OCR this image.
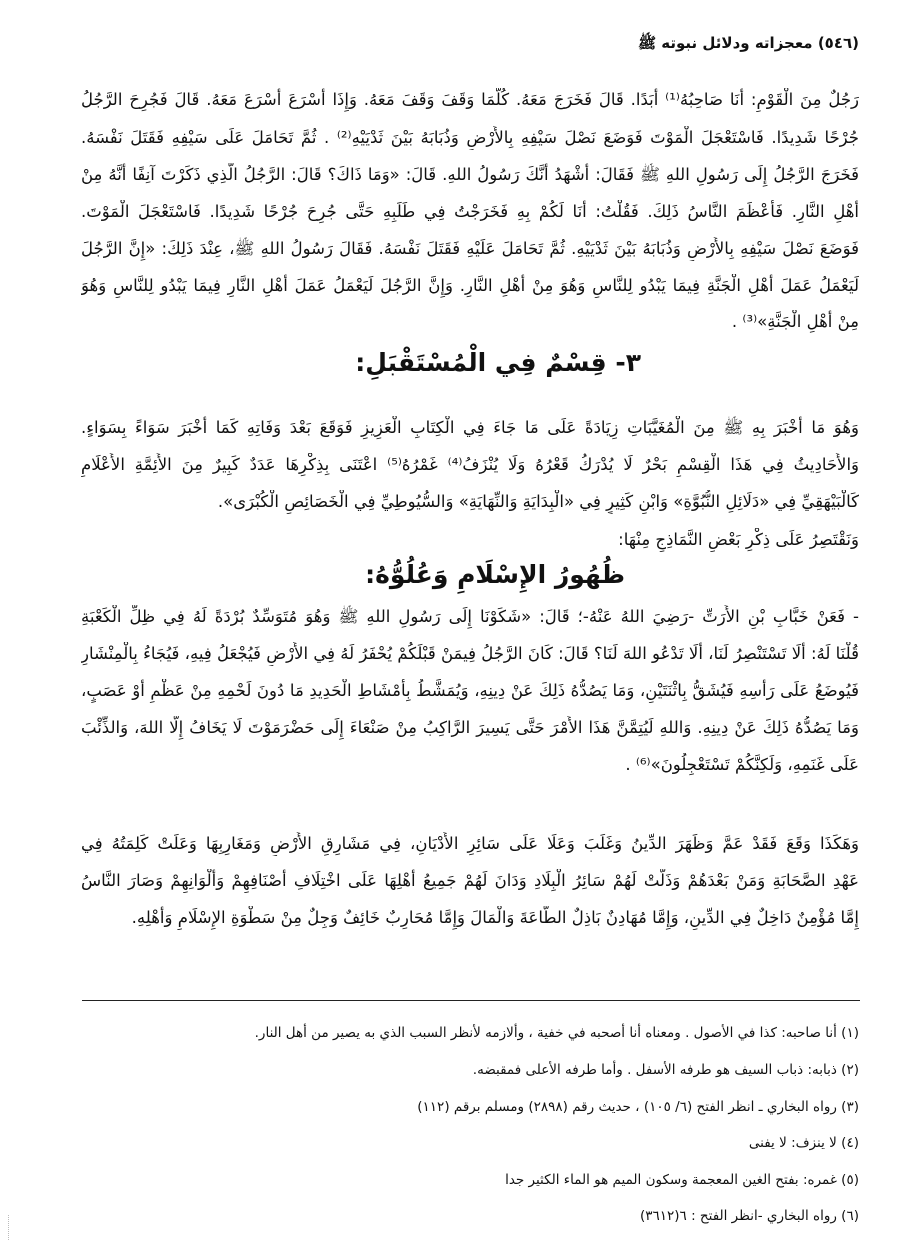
(٥٤٦) معجزاته ودلائل نبوته ﷺ
رَجُلٌ مِنَ الْقَوْمِ: أَنَا صَاحِبُهُ⁽¹⁾ أَبَدًا. قَالَ فَخَرَجَ مَعَهُ. كُلَّمَا وَقَفَ وَقَفَ مَعَهُ. وَإِذَا أَسْرَعَ أَسْرَعَ مَعَهُ. قَالَ فَجُرِحَ الرَّجُلُ
جُرْحًا شَدِيدًا. فَاسْتَعْجَلَ الْمَوْتَ فَوَضَعَ نَصْلَ سَيْفِهِ بِالأَرْضِ وَذُبَابَهُ بَيْنَ ثَدْيَيْهِ⁽²⁾ . ثُمَّ تَحَامَلَ عَلَى سَيْفِهِ فَقَتَلَ نَفْسَهُ.
فَخَرَجَ الرَّجُلُ إِلَى رَسُولِ اللهِ ﷺ فَقَالَ: أَشْهَدُ أَنَّكَ رَسُولُ اللهِ. قَالَ: «وَمَا ذَاكَ؟ قَالَ: الرَّجُلُ الَّذِي ذَكَرْتَ آنِفًا أَنَّهُ مِنْ
أَهْلِ النَّارِ. فَأَعْظَمَ النَّاسُ ذَلِكَ. فَقُلْتُ: أَنَا لَكُمْ بِهِ فَخَرَجْتُ فِي طَلَبِهِ حَتَّى جُرِحَ جُرْحًا شَدِيدًا. فَاسْتَعْجَلَ الْمَوْتَ.
فَوَضَعَ نَصْلَ سَيْفِهِ بِالأَرْضِ وَذُبَابَهُ بَيْنَ ثَدْيَيْهِ. ثُمَّ تَحَامَلَ عَلَيْهِ فَقَتَلَ نَفْسَهُ. فَقَالَ رَسُولُ اللهِ ﷺ، عِنْدَ ذَلِكَ: «إِنَّ الرَّجُلَ
لَيَعْمَلُ عَمَلَ أَهْلِ الْجَنَّةِ فِيمَا يَبْدُو لِلنَّاسِ وَهُوَ مِنْ أَهْلِ النَّارِ. وَإِنَّ الرَّجُلَ لَيَعْمَلُ عَمَلَ أَهْلِ النَّارِ فِيمَا يَبْدُو لِلنَّاسِ وَهُوَ
مِنْ أَهْلِ الْجَنَّةِ»⁽³⁾ .
٣- قِسْمٌ فِي الْمُسْتَقْبَلِ:
وَهُوَ مَا أَخْبَرَ بِهِ ﷺ مِنَ الْمُغَيَّبَاتِ زِيَادَةً عَلَى مَا جَاءَ فِي الْكِتَابِ الْعَزِيزِ فَوَقَعَ بَعْدَ وَفَاتِهِ كَمَا أَخْبَرَ سَوَاءً بِسَوَاءٍ.
وَالأَحَادِيثُ فِي هَذَا الْقِسْمِ بَحْرٌ لَا يُدْرَكُ قَعْرُهُ وَلَا يُنْزَفُ⁽⁴⁾ غَمْرُهُ⁽⁵⁾ اعْتَنَى بِذِكْرِهَا عَدَدٌ كَبِيرٌ مِنَ الأَئِمَّةِ الأَعْلَامِ
كَالْبَيْهَقِيِّ فِي «دَلَائِلِ النُّبُوَّةِ» وَابْنِ كَثِيرٍ فِي «الْبِدَايَةِ وَالنِّهَايَةِ» وَالسُّيُوطِيِّ فِي الْخَصَائِصِ الْكُبْرَى».
وَنَقْتَصِرُ عَلَى ذِكْرِ بَعْضِ النَّمَاذِجِ مِنْهَا:
ظُهُورُ الإِسْلَامِ وَعُلُوُّهُ:
- فَعَنْ خَبَّابِ بْنِ الأَرَتِّ -رَضِيَ اللهُ عَنْهُ-؛ قَالَ: «شَكَوْنَا إِلَى رَسُولِ اللهِ ﷺ وَهُوَ مُتَوَسِّدٌ بُرْدَةً لَهُ فِي ظِلِّ الْكَعْبَةِ
قُلْنَا لَهُ: أَلَا تَسْتَنْصِرُ لَنَا، أَلَا تَدْعُو اللهَ لَنَا؟ قَالَ: كَانَ الرَّجُلُ فِيمَنْ قَبْلَكُمْ يُحْفَرُ لَهُ فِي الأَرْضِ فَيُجْعَلُ فِيهِ، فَيُجَاءُ بِالْمِنْشَارِ
فَيُوضَعُ عَلَى رَأْسِهِ فَيُشَقُّ بِاثْنَتَيْنِ، وَمَا يَصُدُّهُ ذَلِكَ عَنْ دِينِهِ، وَيُمَشَّطُ بِأَمْشَاطِ الْحَدِيدِ مَا دُونَ لَحْمِهِ مِنْ عَظْمٍ أَوْ عَصَبٍ،
وَمَا يَصُدُّهُ ذَلِكَ عَنْ دِينِهِ. وَاللهِ لَيُتِمَّنَّ هَذَا الأَمْرَ حَتَّى يَسِيرَ الرَّاكِبُ مِنْ صَنْعَاءَ إِلَى حَضْرَمَوْتَ لَا يَخَافُ إِلَّا اللهَ، وَالذِّئْبَ
عَلَى غَنَمِهِ، وَلَكِنَّكُمْ تَسْتَعْجِلُونَ»⁽⁶⁾ .
وَهَكَذَا وَقَعَ فَقَدْ عَمَّ وَظَهَرَ الدِّينُ وَغَلَبَ وَعَلَا عَلَى سَائِرِ الأَدْيَانِ، فِي مَشَارِقِ الأَرْضِ وَمَغَارِبِهَا وَعَلَتْ كَلِمَتُهُ فِي
عَهْدِ الصَّحَابَةِ وَمَنْ بَعْدَهُمْ وَذَلَّتْ لَهُمْ سَائِرُ الْبِلَادِ وَدَانَ لَهُمْ جَمِيعُ أَهْلِهَا عَلَى اخْتِلَافِ أَصْنَافِهِمْ وَأَلْوَانِهِمْ وَصَارَ النَّاسُ
إِمَّا مُؤْمِنٌ دَاخِلٌ فِي الدِّينِ، وَإِمَّا مُهَادِنٌ بَاذِلٌ الطَّاعَةَ وَالْمَالَ وَإِمَّا مُحَارِبٌ خَائِفٌ وَجِلٌ مِنْ سَطْوَةِ الإِسْلَامِ وَأَهْلِهِ.
(١) أنا صاحبه: كذا في الأصول . ومعناه أنا أصحبه في خفية ، وألازمه لأنظر السبب الذي به يصير من أهل النار.
(٢) ذبابه: ذباب السيف هو طرفه الأسفل . وأما طرفه الأعلى فمقبضه.
(٣) رواه البخاري ـ انظر الفتح (٦/ ١٠٥) ، حديث رقم (٢٨٩٨) ومسلم برقم (١١٢)
(٤) لا ينزف: لا يفنى
(٥) غمره: بفتح الغين المعجمة وسكون الميم هو الماء الكثير جدا
(٦) رواه البخاري -انظر الفتح : ٦(٣٦١٢)
